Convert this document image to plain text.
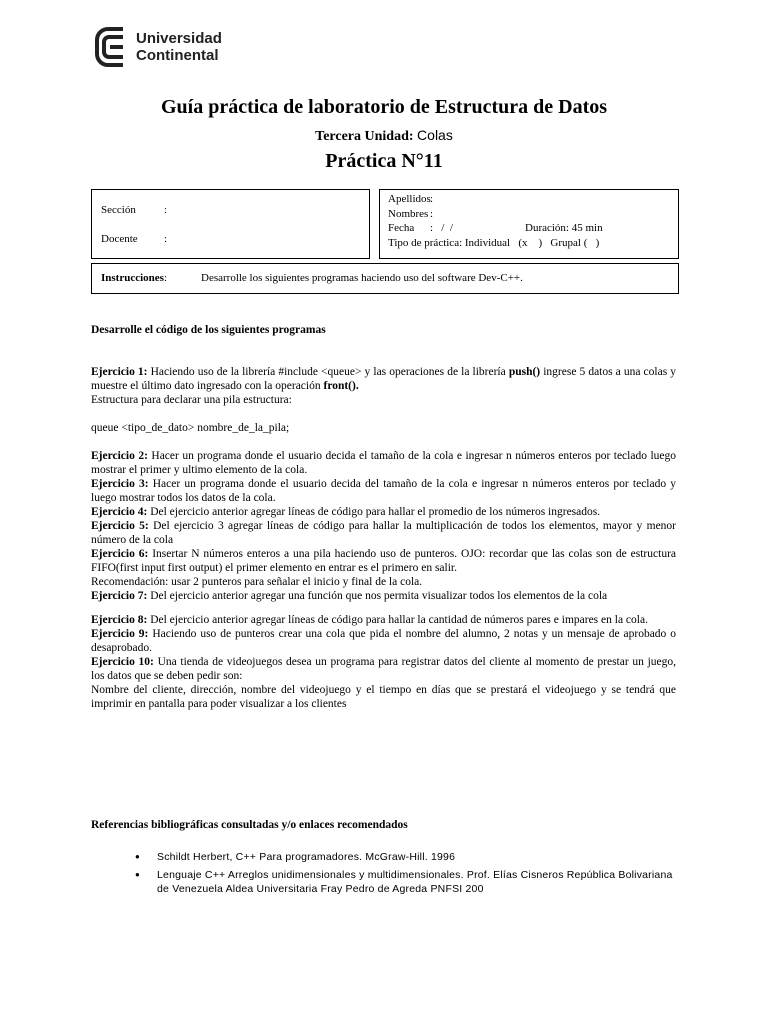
Universidad
Continental
Guía práctica de laboratorio de Estructura de Datos
Tercera Unidad: Colas
Práctica N°11
Sección	:
Docente :
Apellidos :
Nombres :
Fecha :   /  /	Duración: 45 min
Tipo de práctica: Individual   (x    )   Grupal (   )
Instrucciones:	Desarrolle los siguientes programas haciendo uso del software Dev-C++.

Desarrolle el código de los siguientes programas

Ejercicio 1: Haciendo uso de la librería #include <queue> y las operaciones de la librería push() ingrese 5 datos a una colas y muestre el último dato ingresado con la operación front().

Estructura para declarar una pila estructura:

queue <tipo_de_dato> nombre_de_la_pila;

Ejercicio 2: Hacer un programa donde el usuario decida el tamaño de la cola e ingresar n números enteros por teclado luego mostrar el primer y ultimo elemento de la cola.

Ejercicio 3: Hacer un programa donde el usuario decida del tamaño de la cola e ingresar n números enteros por teclado y luego mostrar todos los datos de la cola.

Ejercicio 4: Del ejercicio anterior agregar líneas de código para hallar el promedio de los números ingresados.

Ejercicio 5: Del ejercicio 3 agregar líneas de código para hallar la multiplicación de todos los elementos, mayor y menor número de la cola

Ejercicio 6: Insertar N números enteros a una pila haciendo uso de punteros. OJO: recordar que las colas son de estructura FIFO(first input first output) el primer elemento en entrar es el primero en salir.

Recomendación: usar 2 punteros para señalar el inicio y final de la cola.

Ejercicio 7: Del ejercicio anterior agregar una función que nos permita visualizar todos los elementos de la cola

Ejercicio 8: Del ejercicio anterior agregar líneas de código para hallar la cantidad de números pares e impares en la cola.

Ejercicio 9: Haciendo uso de punteros crear una cola que pida el nombre del alumno, 2 notas y un mensaje de aprobado o desaprobado.

Ejercicio 10: Una tienda de videojuegos desea un programa para registrar datos del cliente al momento de prestar un juego, los datos que se deben pedir son:

Nombre del cliente, dirección, nombre del videojuego y el tiempo en días que se prestará el videojuego y se tendrá que imprimir en pantalla para poder visualizar a los clientes

Referencias bibliográficas consultadas y/o enlaces recomendados

● Schildt Herbert, C++ Para programadores. McGraw-Hill. 1996
● Lenguaje C++ Arreglos unidimensionales y multidimensionales. Prof. Elías Cisneros República Bolivariana de Venezuela Aldea Universitaria Fray Pedro de Agreda PNFSI 200
